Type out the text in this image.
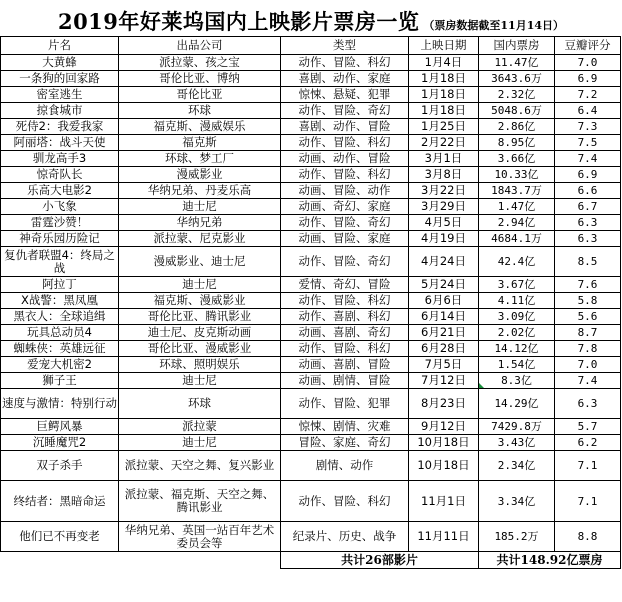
2019年好莱坞国内上映影片票房一览 （票房数据截至11月14日）
片名	出品公司	类型	上映日期	国内票房	豆瓣评分
大黄蜂	派拉蒙、孩之宝	动作、冒险、科幻	1月4日	11.47亿	7.0
一条狗的回家路	哥伦比亚、博纳	喜剧、动作、家庭	1月18日	3643.6万	6.9
密室逃生	哥伦比亚	惊悚、悬疑、犯罪	1月18日	2.32亿	7.2
掠食城市	环球	动作、冒险、奇幻	1月18日	5048.6万	6.4
死侍2：我爱我家	福克斯、漫威娱乐	喜剧、动作、冒险	1月25日	2.86亿	7.3
阿丽塔：战斗天使	福克斯	动作、冒险、科幻	2月22日	8.95亿	7.5
驯龙高手3	环球、梦工厂	动画、动作、冒险	3月1日	3.66亿	7.4
惊奇队长	漫威影业	动作、冒险、科幻	3月8日	10.33亿	6.9
乐高大电影2	华纳兄弟、丹麦乐高	动画、冒险、动作	3月22日	1843.7万	6.6
小飞象	迪士尼	动画、奇幻、家庭	3月29日	1.47亿	6.7
雷霆沙赞！	华纳兄弟	动作、冒险、奇幻	4月5日	2.94亿	6.3
神奇乐园历险记	派拉蒙、尼克影业	动画、冒险、家庭	4月19日	4684.1万	6.3
复仇者联盟4：终局之战	漫威影业、迪士尼	动作、冒险、奇幻	4月24日	42.4亿	8.5
阿拉丁	迪士尼	爱情、奇幻、冒险	5月24日	3.67亿	7.6
X战警：黑凤凰	福克斯、漫威影业	动作、冒险、科幻	6月6日	4.11亿	5.8
黑衣人：全球追缉	哥伦比亚、腾讯影业	动作、喜剧、科幻	6月14日	3.09亿	5.6
玩具总动员4	迪士尼、皮克斯动画	动画、喜剧、奇幻	6月21日	2.02亿	8.7
蜘蛛侠：英雄远征	哥伦比亚、漫威影业	动作、冒险、科幻	6月28日	14.12亿	7.8
爱宠大机密2	环球、照明娱乐	动画、喜剧、冒险	7月5日	1.54亿	7.0
狮子王	迪士尼	动画、剧情、冒险	7月12日	8.3亿	7.4
速度与激情：特别行动	环球	动作、冒险、犯罪	8月23日	14.29亿	6.3
巨鳄风暴	派拉蒙	惊悚、剧情、灾难	9月12日	7429.8万	5.7
沉睡魔咒2	迪士尼	冒险、家庭、奇幻	10月18日	3.43亿	6.2
双子杀手	派拉蒙、天空之舞、复兴影业	剧情、动作	10月18日	2.34亿	7.1
终结者：黑暗命运	派拉蒙、福克斯、天空之舞、腾讯影业	动作、冒险、科幻	11月1日	3.34亿	7.1
他们已不再变老	华纳兄弟、英国一站百年艺术委员会等	纪录片、历史、战争	11月11日	185.2万	8.8
		共计26部影片		共计148.92亿票房	
